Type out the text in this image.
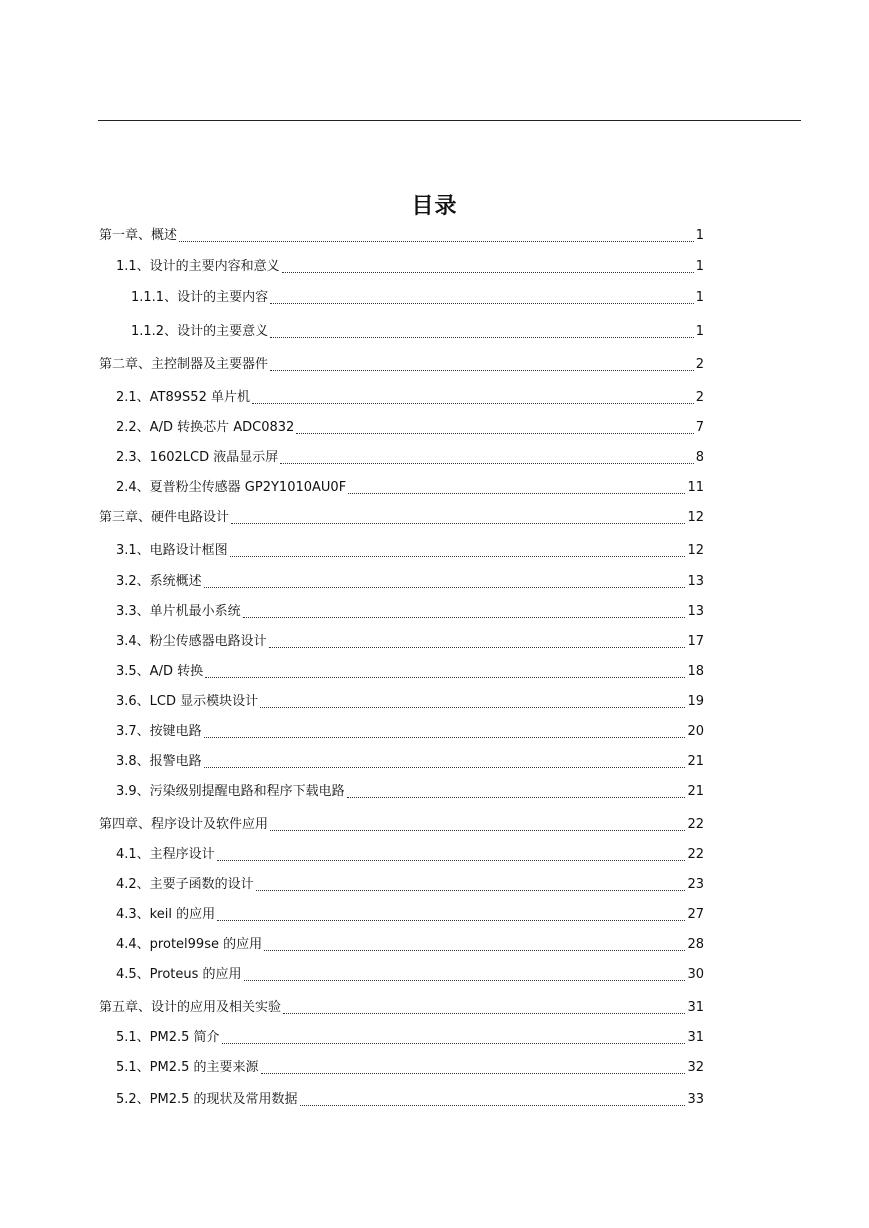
目录
第一章、概述	1
1.1、设计的主要内容和意义	1
1.1.1、设计的主要内容	1
1.1.2、设计的主要意义	1
第二章、主控制器及主要器件	2
2.1、AT89S52 单片机	2
2.2、A/D 转换芯片 ADC0832	7
2.3、1602LCD 液晶显示屏	8
2.4、夏普粉尘传感器 GP2Y1010AU0F	11
第三章、硬件电路设计	12
3.1、电路设计框图	12
3.2、系统概述	13
3.3、单片机最小系统	13
3.4、粉尘传感器电路设计	17
3.5、A/D 转换	18
3.6、LCD 显示模块设计	19
3.7、按键电路	20
3.8、报警电路	21
3.9、污染级别提醒电路和程序下载电路	21
第四章、程序设计及软件应用	22
4.1、主程序设计	22
4.2、主要子函数的设计	23
4.3、keil 的应用	27
4.4、protel99se 的应用	28
4.5、Proteus 的应用	30
第五章、设计的应用及相关实验	31
5.1、PM2.5 简介	31
5.1、PM2.5 的主要来源	32
5.2、PM2.5 的现状及常用数据	33
